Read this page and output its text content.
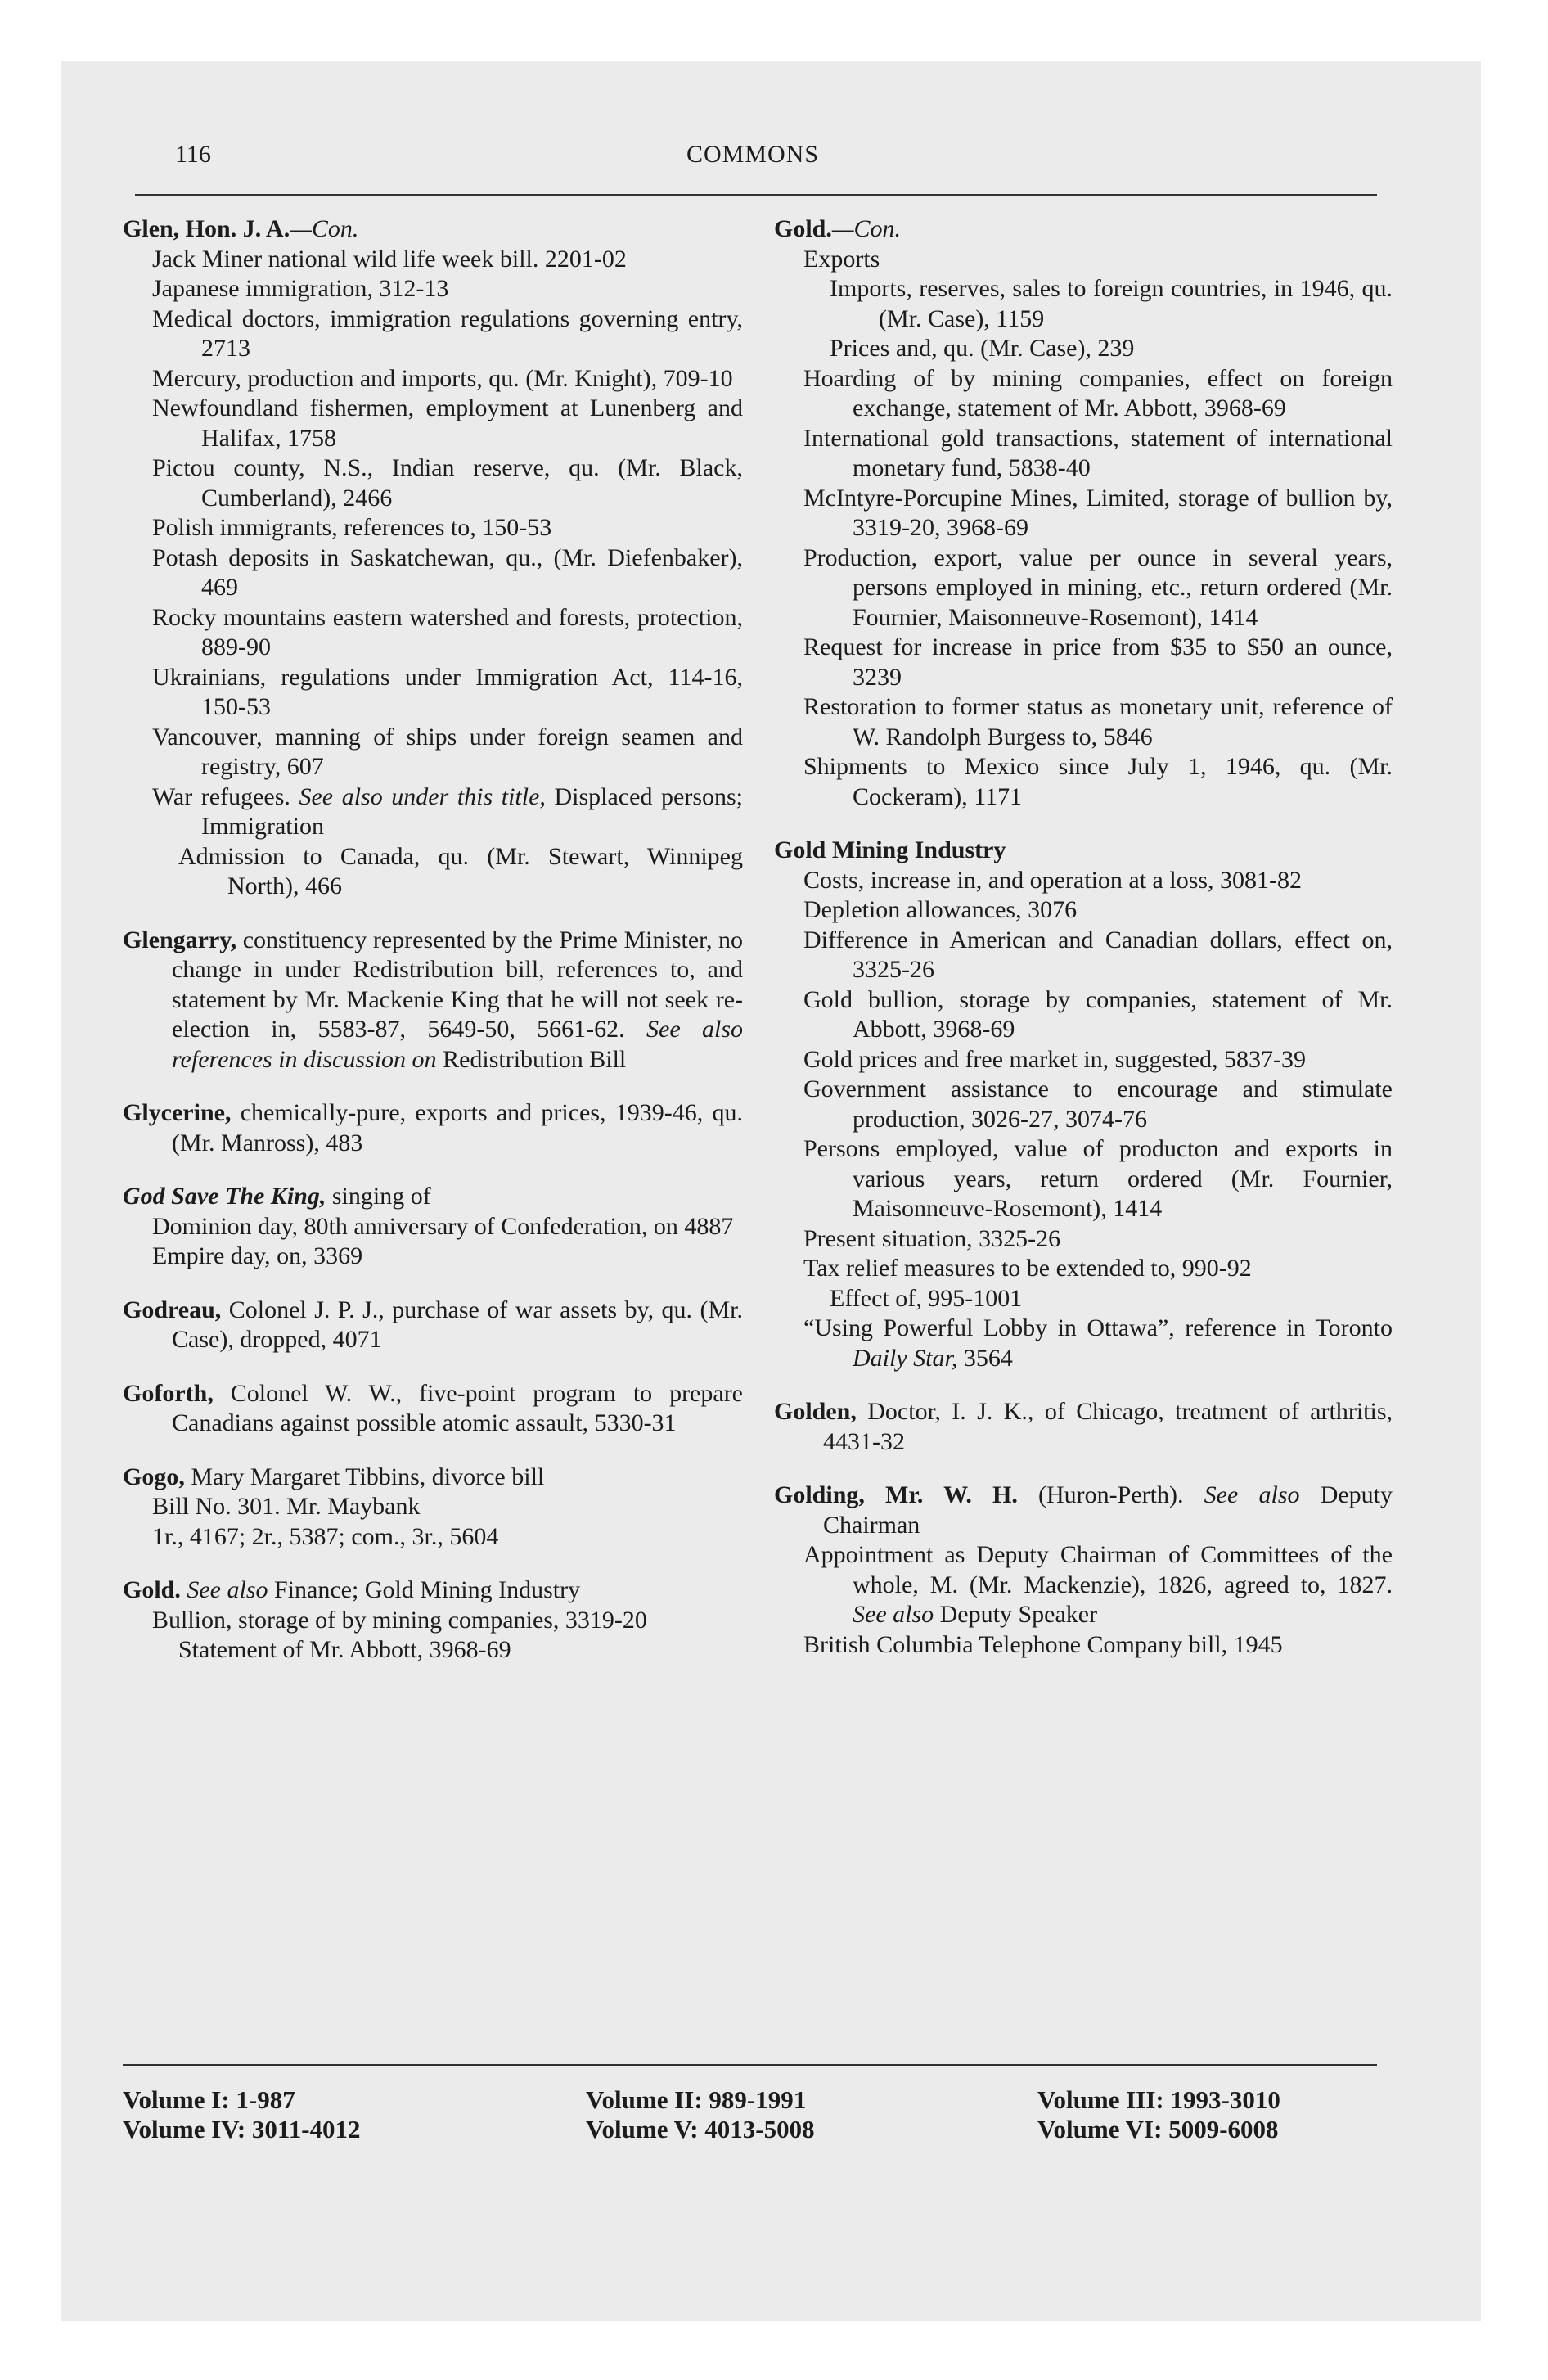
116	COMMONS
Glen, Hon. J. A.—Con.
Jack Miner national wild life week bill. 2201-02
Japanese immigration, 312-13
Medical doctors, immigration regulations governing entry, 2713
Mercury, production and imports, qu. (Mr. Knight), 709-10
Newfoundland fishermen, employment at Lunenberg and Halifax, 1758
Pictou county, N.S., Indian reserve, qu. (Mr. Black, Cumberland), 2466
Polish immigrants, references to, 150-53
Potash deposits in Saskatchewan, qu., (Mr. Diefenbaker), 469
Rocky mountains eastern watershed and forests, protection, 889-90
Ukrainians, regulations under Immigration Act, 114-16, 150-53
Vancouver, manning of ships under foreign seamen and registry, 607
War refugees. See also under this title, Displaced persons; Immigration
Admission to Canada, qu. (Mr. Stewart, Winnipeg North), 466
Glengarry, constituency represented by the Prime Minister, no change in under Redistribution bill, references to, and statement by Mr. Mackenie King that he will not seek re-election in, 5583-87, 5649-50, 5661-62. See also references in discussion on Redistribution Bill
Glycerine, chemically-pure, exports and prices, 1939-46, qu. (Mr. Manross), 483
God Save The King, singing of
Dominion day, 80th anniversary of Confederation, on 4887
Empire day, on, 3369
Godreau, Colonel J. P. J., purchase of war assets by, qu. (Mr. Case), dropped, 4071
Goforth, Colonel W. W., five-point program to prepare Canadians against possible atomic assault, 5330-31
Gogo, Mary Margaret Tibbins, divorce bill
Bill No. 301. Mr. Maybank
1r., 4167; 2r., 5387; com., 3r., 5604
Gold. See also Finance; Gold Mining Industry
Bullion, storage of by mining companies, 3319-20
Statement of Mr. Abbott, 3968-69
Gold.—Con.
Exports
Imports, reserves, sales to foreign countries, in 1946, qu. (Mr. Case), 1159
Prices and, qu. (Mr. Case), 239
Hoarding of by mining companies, effect on foreign exchange, statement of Mr. Abbott, 3968-69
International gold transactions, statement of international monetary fund, 5838-40
McIntyre-Porcupine Mines, Limited, storage of bullion by, 3319-20, 3968-69
Production, export, value per ounce in several years, persons employed in mining, etc., return ordered (Mr. Fournier, Maisonneuve-Rosemont), 1414
Request for increase in price from $35 to $50 an ounce, 3239
Restoration to former status as monetary unit, reference of W. Randolph Burgess to, 5846
Shipments to Mexico since July 1, 1946, qu. (Mr. Cockeram), 1171
Gold Mining Industry
Costs, increase in, and operation at a loss, 3081-82
Depletion allowances, 3076
Difference in American and Canadian dollars, effect on, 3325-26
Gold bullion, storage by companies, statement of Mr. Abbott, 3968-69
Gold prices and free market in, suggested, 5837-39
Government assistance to encourage and stimulate production, 3026-27, 3074-76
Persons employed, value of producton and exports in various years, return ordered (Mr. Fournier, Maisonneuve-Rosemont), 1414
Present situation, 3325-26
Tax relief measures to be extended to, 990-92
Effect of, 995-1001
“Using Powerful Lobby in Ottawa”, reference in Toronto Daily Star, 3564
Golden, Doctor, I. J. K., of Chicago, treatment of arthritis, 4431-32
Golding, Mr. W. H. (Huron-Perth). See also Deputy Chairman
Appointment as Deputy Chairman of Committees of the whole, M. (Mr. Mackenzie), 1826, agreed to, 1827. See also Deputy Speaker
British Columbia Telephone Company bill, 1945
Volume I: 1-987
Volume IV: 3011-4012
Volume II: 989-1991
Volume V: 4013-5008
Volume III: 1993-3010
Volume VI: 5009-6008
